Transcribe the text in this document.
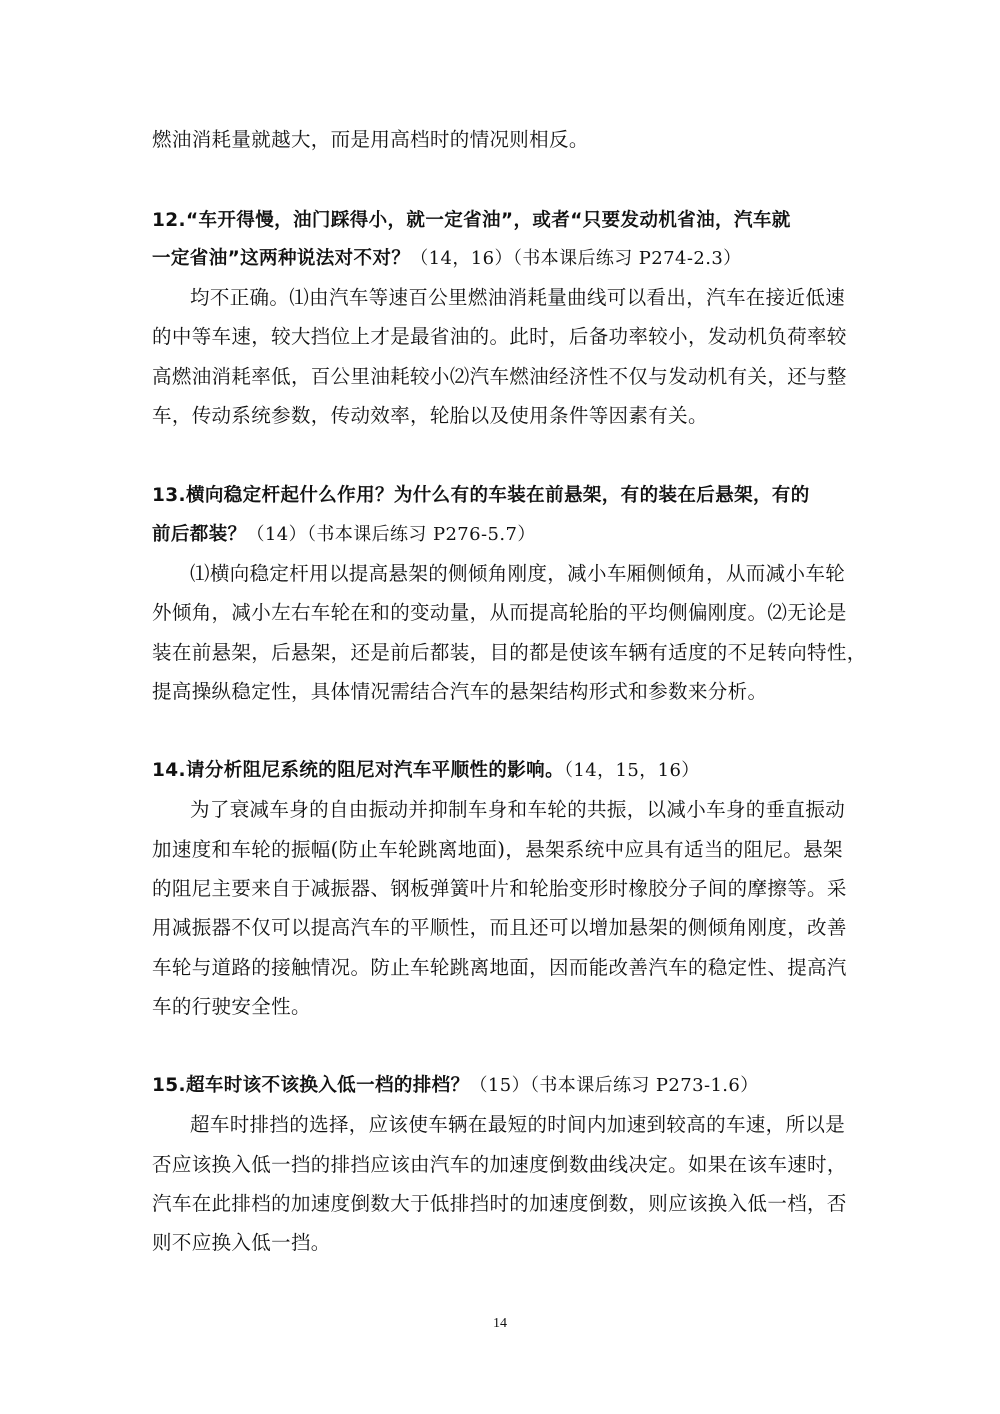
燃油消耗量就越大，而是用高档时的情况则相反。
12.“车开得慢，油门踩得小，就一定省油”，或者“只要发动机省油，汽车就
一定省油”这两种说法对不对？（14，16）（书本课后练习 P274-2.3）
均不正确。⑴由汽车等速百公里燃油消耗量曲线可以看出，汽车在接近低速
的中等车速，较大挡位上才是最省油的。此时，后备功率较小，发动机负荷率较
高燃油消耗率低，百公里油耗较小⑵汽车燃油经济性不仅与发动机有关，还与整
车，传动系统参数，传动效率，轮胎以及使用条件等因素有关。
13.横向稳定杆起什么作用？为什么有的车装在前悬架，有的装在后悬架，有的
前后都装？（14）（书本课后练习 P276-5.7）
⑴横向稳定杆用以提高悬架的侧倾角刚度，减小车厢侧倾角，从而减小车轮
外倾角，减小左右车轮在和的变动量，从而提高轮胎的平均侧偏刚度。⑵无论是
装在前悬架，后悬架，还是前后都装，目的都是使该车辆有适度的不足转向特性，
提高操纵稳定性，具体情况需结合汽车的悬架结构形式和参数来分析。
14.请分析阻尼系统的阻尼对汽车平顺性的影响。（14，15，16）
为了衰减车身的自由振动并抑制车身和车轮的共振，以减小车身的垂直振动
加速度和车轮的振幅(防止车轮跳离地面)，悬架系统中应具有适当的阻尼。悬架
的阻尼主要来自于减振器、钢板弹簧叶片和轮胎变形时橡胶分子间的摩擦等。采
用减振器不仅可以提高汽车的平顺性，而且还可以增加悬架的侧倾角刚度，改善
车轮与道路的接触情况。防止车轮跳离地面，因而能改善汽车的稳定性、提高汽
车的行驶安全性。
15.超车时该不该换入低一档的排档？（15）（书本课后练习 P273-1.6）
超车时排挡的选择，应该使车辆在最短的时间内加速到较高的车速，所以是
否应该换入低一挡的排挡应该由汽车的加速度倒数曲线决定。如果在该车速时，
汽车在此排档的加速度倒数大于低排挡时的加速度倒数，则应该换入低一档，否
则不应换入低一挡。
14
